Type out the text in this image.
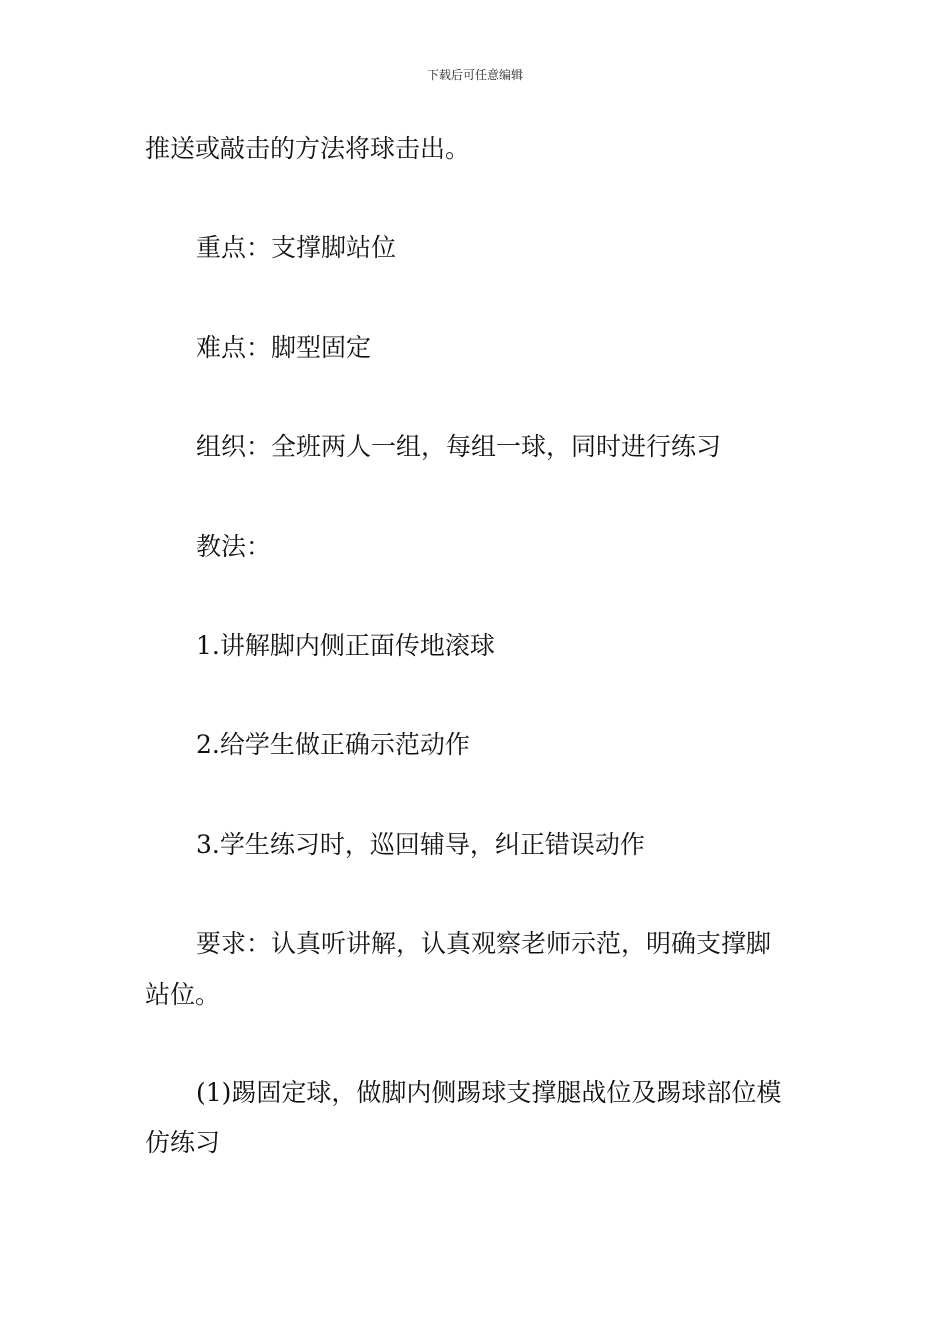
下载后可任意编辑
推送或敲击的方法将球击出。
重点：支撑脚站位
难点：脚型固定
组织：全班两人一组，每组一球，同时进行练习
教法：
1.讲解脚内侧正面传地滚球
2.给学生做正确示范动作
3.学生练习时，巡回辅导，纠正错误动作
要求：认真听讲解，认真观察老师示范，明确支撑脚
站位。
(1)踢固定球，做脚内侧踢球支撑腿战位及踢球部位模
仿练习
